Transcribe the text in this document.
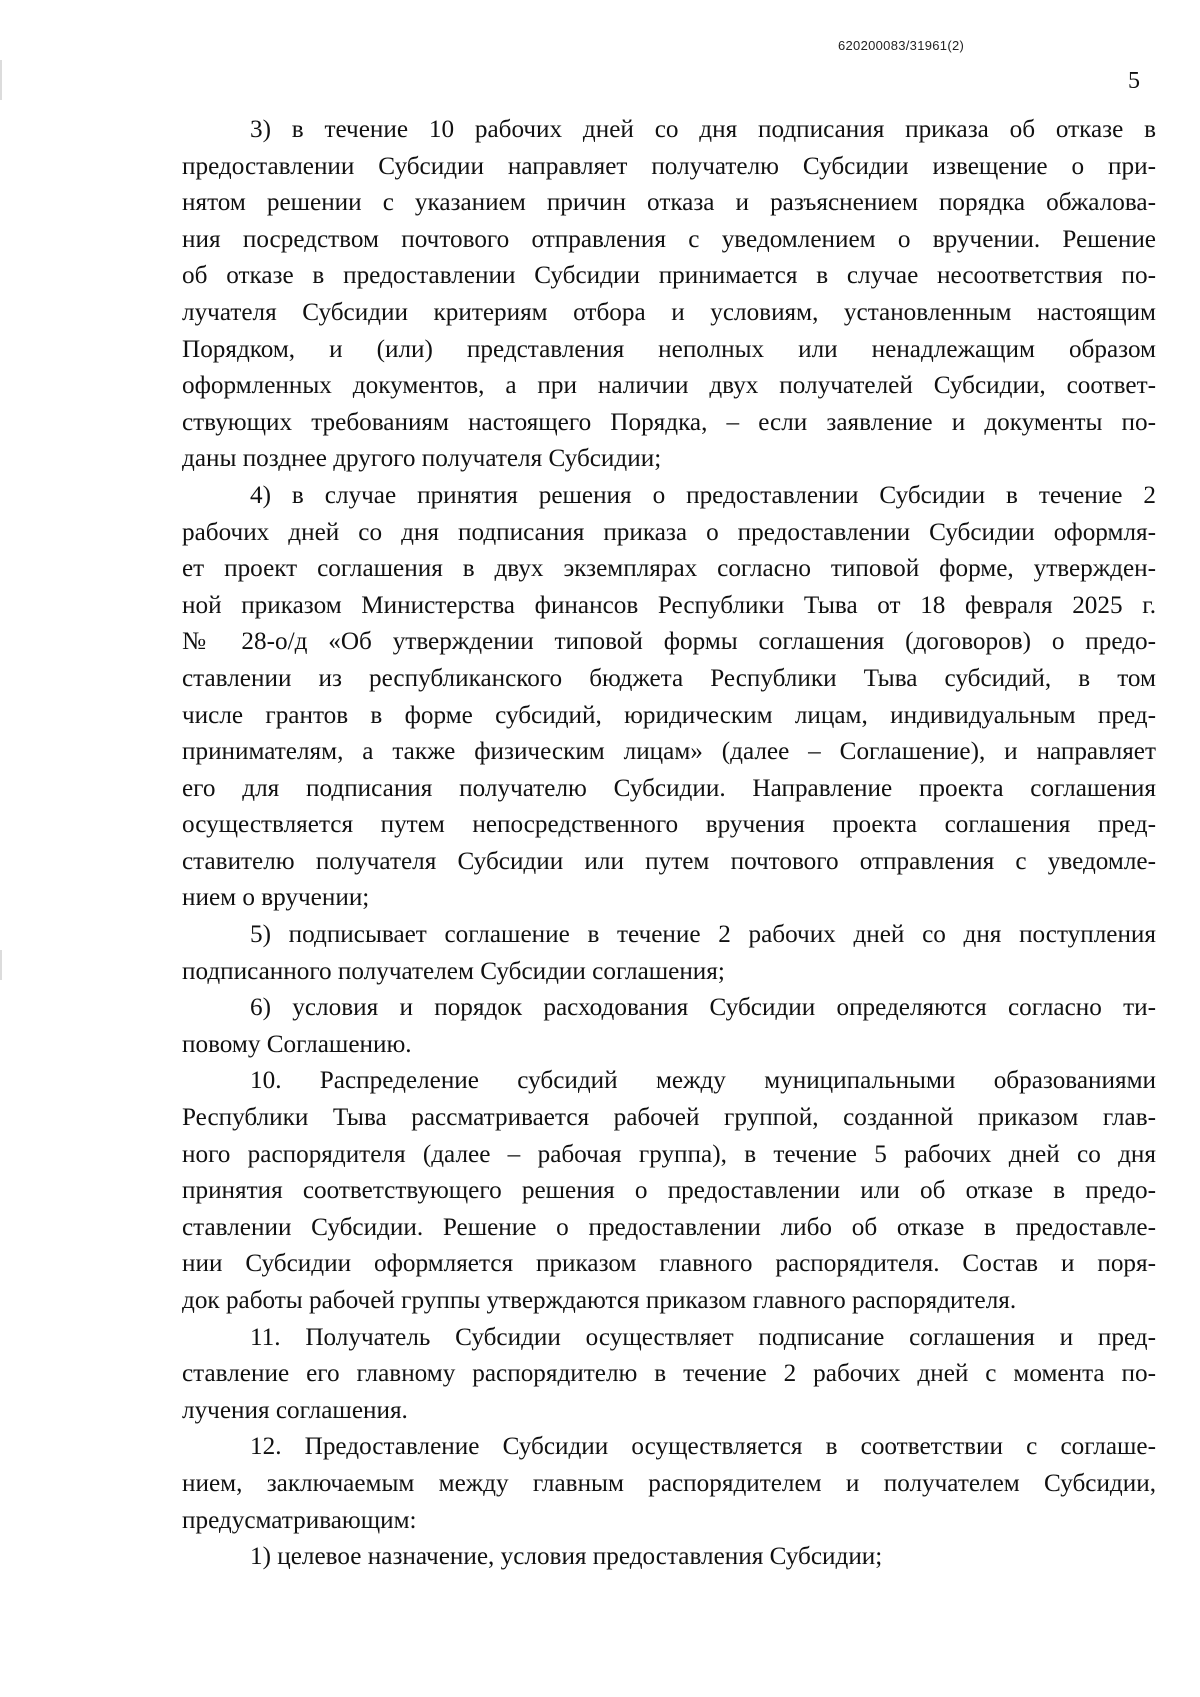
620200083/31961(2)
5
3) в течение 10 рабочих дней со дня подписания приказа об отказе в
предоставлении Субсидии направляет получателю Субсидии извещение о при-
нятом решении с указанием причин отказа и разъяснением порядка обжалова-
ния посредством почтового отправления с уведомлением о вручении. Решение
об отказе в предоставлении Субсидии принимается в случае несоответствия по-
лучателя Субсидии критериям отбора и условиям, установленным настоящим
Порядком, и (или) представления неполных или ненадлежащим образом
оформленных документов, а при наличии двух получателей Субсидии, соответ-
ствующих требованиям настоящего Порядка, – если заявление и документы по-
даны позднее другого получателя Субсидии;
4) в случае принятия решения о предоставлении Субсидии в течение 2
рабочих дней со дня подписания приказа о предоставлении Субсидии оформля-
ет проект соглашения в двух экземплярах согласно типовой форме, утвержден-
ной приказом Министерства финансов Республики Тыва от 18 февраля 2025 г.
№ 28-о/д «Об утверждении типовой формы соглашения (договоров) о предо-
ставлении из республиканского бюджета Республики Тыва субсидий, в том
числе грантов в форме субсидий, юридическим лицам, индивидуальным пред-
принимателям, а также физическим лицам» (далее – Соглашение), и направляет
его для подписания получателю Субсидии. Направление проекта соглашения
осуществляется путем непосредственного вручения проекта соглашения пред-
ставителю получателя Субсидии или путем почтового отправления с уведомле-
нием о вручении;
5) подписывает соглашение в течение 2 рабочих дней со дня поступления
подписанного получателем Субсидии соглашения;
6) условия и порядок расходования Субсидии определяются согласно ти-
повому Соглашению.
10. Распределение субсидий между муниципальными образованиями
Республики Тыва рассматривается рабочей группой, созданной приказом глав-
ного распорядителя (далее – рабочая группа), в течение 5 рабочих дней со дня
принятия соответствующего решения о предоставлении или об отказе в предо-
ставлении Субсидии. Решение о предоставлении либо об отказе в предоставле-
нии Субсидии оформляется приказом главного распорядителя. Состав и поря-
док работы рабочей группы утверждаются приказом главного распорядителя.
11. Получатель Субсидии осуществляет подписание соглашения и пред-
ставление его главному распорядителю в течение 2 рабочих дней с момента по-
лучения соглашения.
12. Предоставление Субсидии осуществляется в соответствии с соглаше-
нием, заключаемым между главным распорядителем и получателем Субсидии,
предусматривающим:
1) целевое назначение, условия предоставления Субсидии;
